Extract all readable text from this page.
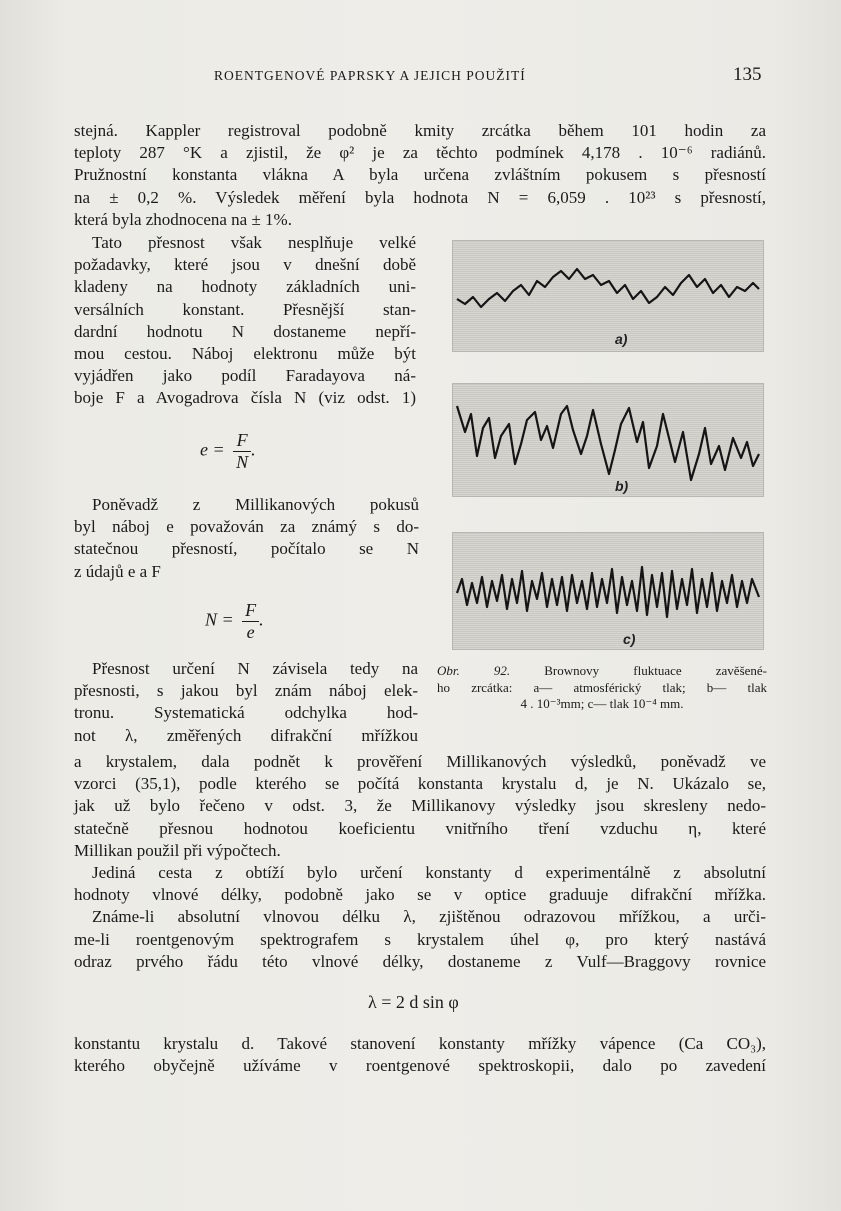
ROENTGENOVÉ PAPRSKY A JEJICH POUŽITÍ	135
stejná. Kappler registroval podobně kmity zrcátka během 101 hodin za
teploty 287 °K a zjistil, že φ² je za těchto podmínek 4,178 . 10⁻⁶ radiánů.
Pružnostní konstanta vlákna A byla určena zvláštním pokusem s přesností
na ± 0,2 %. Výsledek měření byla hodnota N = 6,059 . 10²³ s přesností,
která byla zhodnocena na ± 1%.
Tato přesnost však nesplňuje velké
požadavky, které jsou v dnešní době
kladeny na hodnoty základních uni-
versálních konstant. Přesnější stan-
dardní hodnotu N dostaneme nepří-
mou cestou. Náboj elektronu může být
vyjádřen jako podíl Faradayova ná-
boje F a Avogadrova čísla N (viz odst. 1)
$e = \frac{F}{N}$ .
Poněvadž z Millikanových pokusů
byl náboj e považován za známý s do-
statečnou přesností, počítalo se N
z údajů e a F
$N = \frac{F}{e}$ .
Přesnost určení N závisela tedy na
přesnosti, s jakou byl znám náboj elek-
tronu. Systematická odchylka hod-
not λ, změřených difrakční mřížkou
a)
b)
c)
Obr. 92.	Brownovy fluktuace zavěšené-
ho zrcátka: a— atmosférický tlak; b— tlak
4 . 10⁻³mm; c— tlak 10⁻⁴ mm.
a krystalem, dala podnět k prověření Millikanových výsledků, poněvadž ve
vzorci (35,1), podle kterého se počítá konstanta krystalu d, je N. Ukázalo se,
jak už bylo řečeno v odst. 3, že Millikanovy výsledky jsou skresleny nedo-
statečně přesnou hodnotou koeficientu vnitřního tření vzduchu η, které
Millikan použil při výpočtech.
Jediná cesta z obtíží bylo určení konstanty d experimentálně z absolutní
hodnoty vlnové délky, podobně jako se v optice graduuje difrakční mřížka.
Známe-li absolutní vlnovou délku λ, zjištěnou odrazovou mřížkou, a urči-
me-li roentgenovým spektrografem s krystalem úhel φ, pro který nastává
odraz prvého řádu této vlnové délky, dostaneme z Vulf—Braggovy rovnice
λ = 2 d sin φ
konstantu krystalu d. Takové stanovení konstanty mřížky vápence (Ca CO₃),
kterého obyčejně užíváme v roentgenové spektroskopii, dalo po zavedení
